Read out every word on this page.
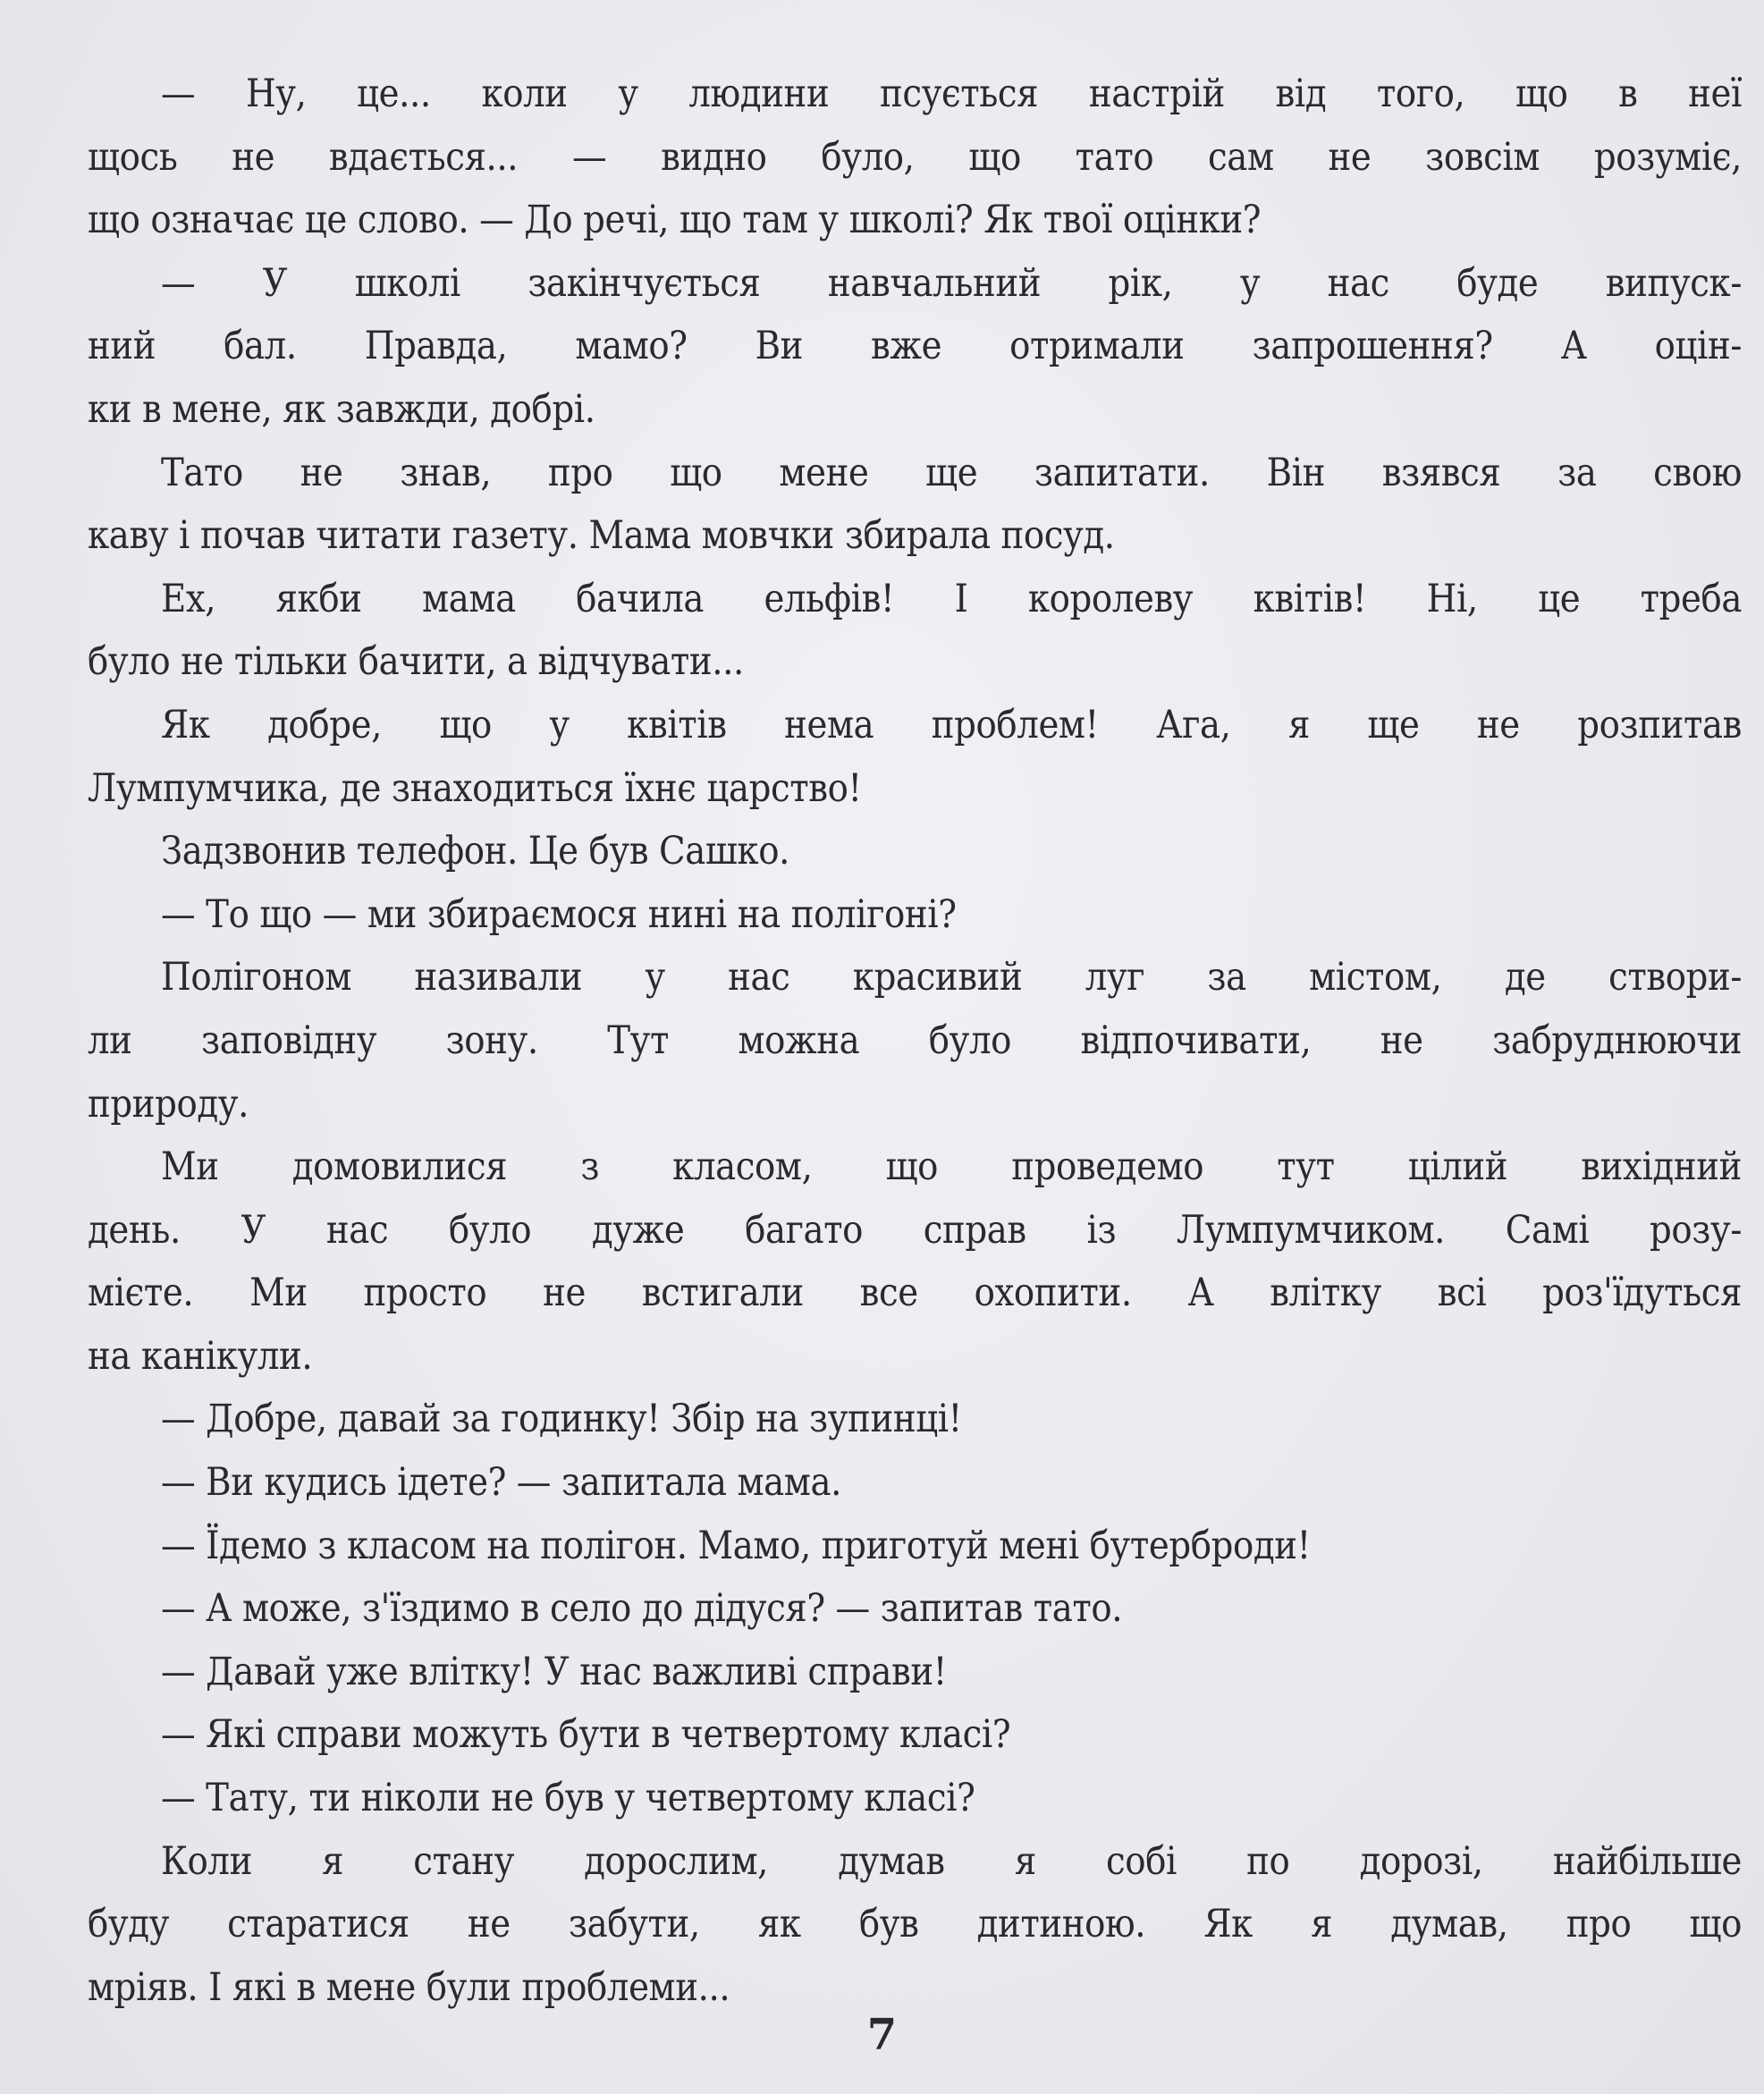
— Ну, це... коли у людини псується настрій від того, що в неї
щось не вдається... — видно було, що тато сам не зовсім розуміє,
що означає це слово. — До речі, що там у школі? Як твої оцінки?
— У школі закінчується навчальний рік, у нас буде випуск-
ний бал. Правда, мамо? Ви вже отримали запрошення? А оцін-
ки в мене, як завжди, добрі.
Тато не знав, про що мене ще запитати. Він взявся за свою
каву і почав читати газету. Мама мовчки збирала посуд.
Ех, якби мама бачила ельфів! І королеву квітів! Ні, це треба
було не тільки бачити, а відчувати...
Як добре, що у квітів нема проблем! Ага, я ще не розпитав
Лумпумчика, де знаходиться їхнє царство!
Задзвонив телефон. Це був Сашко.
— То що — ми збираємося нині на полігоні?
Полігоном називали у нас красивий луг за містом, де створи-
ли заповідну зону. Тут можна було відпочивати, не забруднюючи
природу.
Ми домовилися з класом, що проведемо тут цілий вихідний
день. У нас було дуже багато справ із Лумпумчиком. Самі розу-
мієте. Ми просто не встигали все охопити. А влітку всі роз'їдуться
на канікули.
— Добре, давай за годинку! Збір на зупинці!
— Ви кудись ідете? — запитала мама.
— Їдемо з класом на полігон. Мамо, приготуй мені бутерброди!
— А може, з'їздимо в село до дідуся? — запитав тато.
— Давай уже влітку! У нас важливі справи!
— Які справи можуть бути в четвертому класі?
— Тату, ти ніколи не був у четвертому класі?
Коли я стану дорослим, думав я собі по дорозі, найбільше
буду старатися не забути, як був дитиною. Як я думав, про що
мріяв. І які в мене були проблеми...
7
